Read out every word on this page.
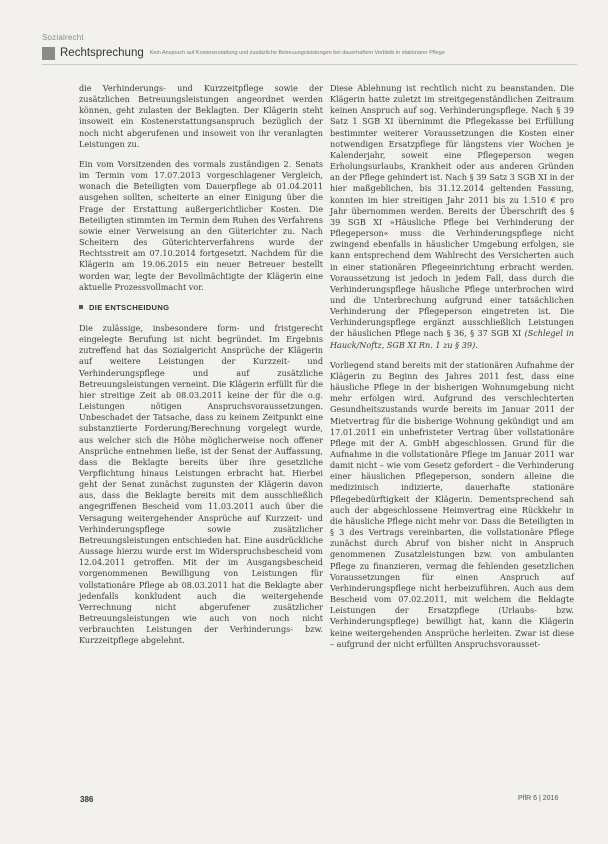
Sozialrecht
Rechtsprechung Kein Anspruch auf Kostenerstattung und zusätzliche Betreuungsleistungen bei dauerhaftem Verbleib in stationärer Pflege

die Verhinderungs- und Kurzzeitpflege sowie der zusätzlichen Betreuungsleistungen angeordnet werden können, geht zulasten der Beklagten. Der Klägerin steht insoweit ein Kostenerstattungsanspruch bezüglich der noch nicht abgerufenen und insoweit von ihr veranlagten Leistungen zu.

Ein vom Vorsitzenden des vormals zuständigen 2. Senats im Termin vom 17.07.2013 vorgeschlagener Vergleich, wonach die Beteiligten vom Dauerpflege ab 01.04.2011 ausgehen sollten, scheiterte an einer Einigung über die Frage der Erstattung außergerichtlicher Kosten. Die Beteiligten stimmten im Termin dem Ruhen des Verfahrens sowie einer Verweisung an den Güterichter zu. Nach Scheitern des Güterichterverfahrens wurde der Rechtsstreit am 07.10.2014 fortgesetzt. Nachdem für die Klägerin am 19.06.2015 ein neuer Betreuer bestellt worden war, legte der Bevollmächtigte der Klägerin eine aktuelle Prozessvollmacht vor.

DIE ENTSCHEIDUNG

Die zulässige, insbesondere form- und fristgerecht eingelegte Berufung ist nicht begründet. Im Ergebnis zutreffend hat das Sozialgericht Ansprüche der Klägerin auf weitere Leistungen der Kurzzeit- und Verhinderungspflege und auf zusätzliche Betreuungsleistungen verneint. Die Klägerin erfüllt für die hier streitige Zeit ab 08.03.2011 keine der für die o.g. Leistungen nötigen Anspruchsvoraussetzungen. Unbeschadet der Tatsache, dass zu keinem Zeitpunkt eine substanziierte Forderung/Berechnung vorgelegt wurde, aus welcher sich die Höhe möglicherweise noch offener Ansprüche entnehmen ließe, ist der Senat der Auffassung, dass die Beklagte bereits über ihre gesetzliche Verpflichtung hinaus Leistungen erbracht hat. Hierbei geht der Senat zunächst zugunsten der Klägerin davon aus, dass die Beklagte bereits mit dem ausschließlich angegriffenen Bescheid vom 11.03.2011 auch über die Versagung weitergehender Ansprüche auf Kurzzeit- und Verhinderungspflege sowie zusätzlicher Betreuungsleistungen entschieden hat. Eine ausdrückliche Aussage hierzu wurde erst im Widerspruchsbescheid vom 12.04.2011 getroffen. Mit der im Ausgangsbescheid vorgenommenen Bewilligung von Leistungen für vollstationäre Pflege ab 08.03.2011 hat die Beklagte aber jedenfalls konkludent auch die weitergehende Verrechnung nicht abgerufener zusätzlicher Betreuungsleistungen wie auch von noch nicht verbrauchten Leistungen der Verhinderungs- bzw. Kurzzeitpflege abgelehnt.

Diese Ablehnung ist rechtlich nicht zu beanstanden. Die Klägerin hatte zuletzt im streitgegenständlichen Zeitraum keinen Anspruch auf sog. Verhinderungspflege. Nach § 39 Satz 1 SGB XI übernimmt die Pflegekasse bei Erfüllung bestimmter weiterer Voraussetzungen die Kosten einer notwendigen Ersatzpflege für längstens vier Wochen je Kalenderjahr, soweit eine Pflegeperson wegen Erholungsurlaubs, Krankheit oder aus anderen Gründen an der Pflege gehindert ist. Nach § 39 Satz 3 SGB XI in der hier maßgeblichen, bis 31.12.2014 geltenden Fassung, konnten im hier streitigen Jahr 2011 bis zu 1.510 € pro Jahr übernommen werden. Bereits der Überschrift des § 39 SGB XI »Häusliche Pflege bei Verhinderung der Pflegeperson« muss die Verhinderungspflege nicht zwingend ebenfalls in häuslicher Umgebung erfolgen, sie kann entsprechend dem Wahlrecht des Versicherten auch in einer stationären Pflegeeinrichtung erbracht werden. Voraussetzung ist jedoch in jedem Fall, dass durch die Verhinderungspflege häusliche Pflege unterbrochen wird und die Unterbrechung aufgrund einer tatsächlichen Verhinderung der Pflegeperson eingetreten ist. Die Verhinderungspflege ergänzt ausschließlich Leistungen der häuslichen Pflege nach § 36, § 37 SGB XI (Schlegel in Hauck/Noftz, SGB XI Rn. 1 zu § 39).

Vorliegend stand bereits mit der stationären Aufnahme der Klägerin zu Beginn des Jahres 2011 fest, dass eine häusliche Pflege in der bisherigen Wohnumgebung nicht mehr erfolgen wird. Aufgrund des verschlechterten Gesundheitszustands wurde bereits im Januar 2011 der Mietvertrag für die bisherige Wohnung gekündigt und am 17.01.2011 ein unbefristeter Vertrag über vollstationäre Pflege mit der A. GmbH abgeschlossen. Grund für die Aufnahme in die vollstationäre Pflege im Januar 2011 war damit nicht – wie vom Gesetz gefordert – die Verhinderung einer häuslichen Pflegeperson, sondern alleine die medizinisch indizierte, dauerhafte stationäre Pflegebedürftigkeit der Klägerin. Dementsprechend sah auch der abgeschlossene Heimvertrag eine Rückkehr in die häusliche Pflege nicht mehr vor. Dass die Beteiligten in § 3 des Vertrags vereinbarten, die vollstationäre Pflege zunächst durch Abruf von bisher nicht in Anspruch genommenen Zusatzleistungen bzw. von ambulanten Pflege zu finanzieren, vermag die fehlenden gesetzlichen Voraussetzungen für einen Anspruch auf Verhinderungspflege nicht herbeizuführen. Auch aus dem Bescheid vom 07.02.2011, mit welchem die Beklagte Leistungen der Ersatzpflege (Urlaubs- bzw. Verhinderungspflege) bewilligt hat, kann die Klägerin keine weitergehenden Ansprüche herleiten. Zwar ist diese – aufgrund der nicht erfüllten Anspruchsvorausset-

386	PflR 6 | 2016
